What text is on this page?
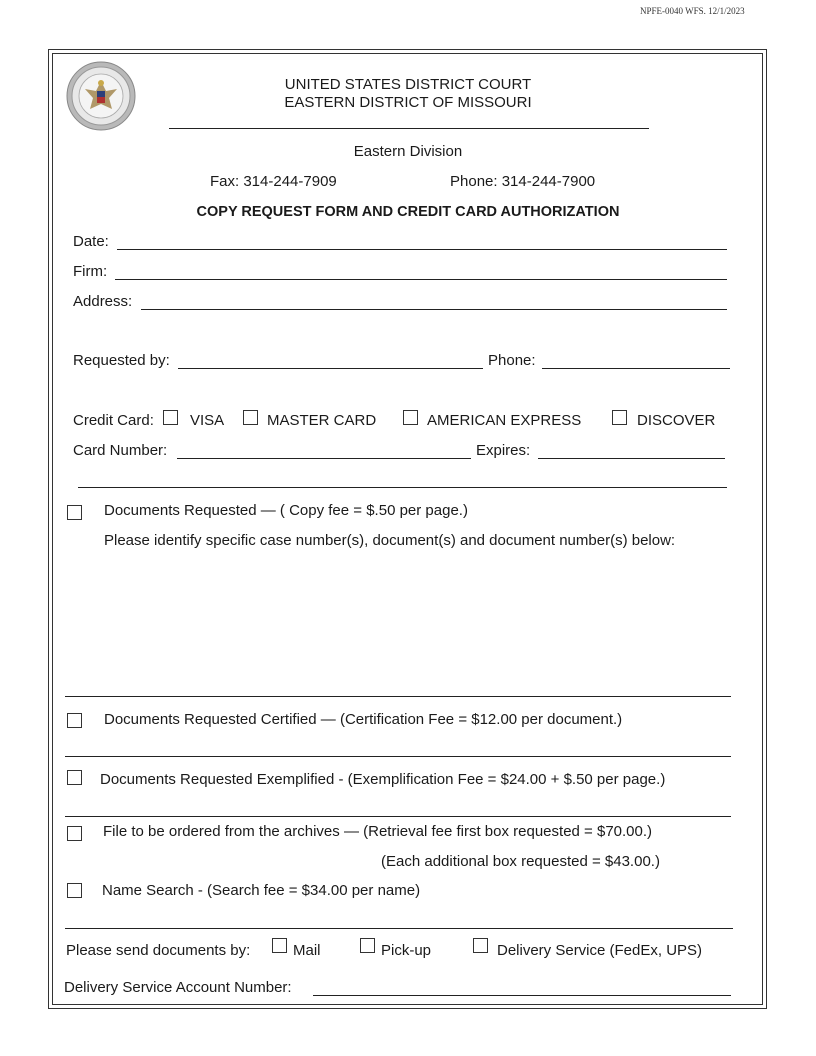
NPFE-0040 WFS. 12/1/2023
UNITED STATES DISTRICT COURT
EASTERN DISTRICT OF MISSOURI
Eastern Division
Fax: 314-244-7909	Phone: 314-244-7900
COPY REQUEST FORM AND CREDIT CARD AUTHORIZATION
Date:
Firm:
Address:
Requested by:	Phone:
Credit Card: VISA	MASTER CARD	AMERICAN EXPRESS	DISCOVER
Card Number:	Expires:
Documents Requested — ( Copy fee = $.50 per page.)
Please identify specific case number(s), document(s) and document number(s) below:
Documents Requested Certified — (Certification Fee = $12.00 per document.)
Documents Requested Exemplified - (Exemplification Fee = $24.00 + $.50 per page.)
File to be ordered from the archives — (Retrieval fee first box requested = $70.00.)
(Each additional box requested = $43.00.)
Name Search - (Search fee = $34.00 per name)
Please send documents by:	Mail	Pick-up	Delivery Service (FedEx, UPS)
Delivery Service Account Number:
